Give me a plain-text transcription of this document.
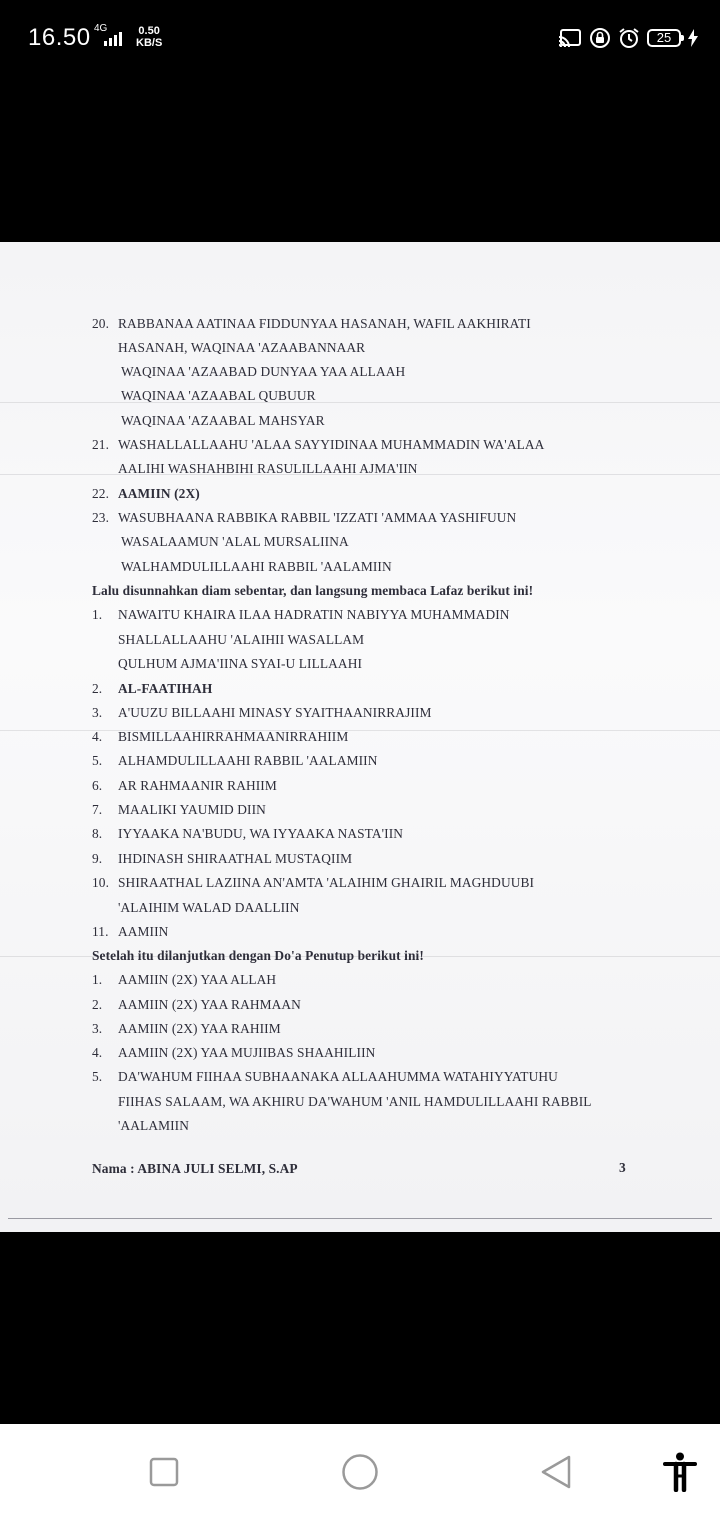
16.50 4G	0.50
KB/S	25
20. RABBANAA AATINAA FIDDUNYAA HASANAH, WAFIL AAKHIRATI
HASANAH, WAQINAA 'AZAABANNAAR
WAQINAA 'AZAABAD DUNYAA YAA ALLAAH
WAQINAA 'AZAABAL QUBUUR
WAQINAA 'AZAABAL MAHSYAR
21. WASHALLALLAAHU 'ALAA SAYYIDINAA MUHAMMADIN WA'ALAA
AALIHI WASHAHBIHI RASULILLAAHI AJMA'IIN
22. AAMIIN (2X)
23. WASUBHAANA RABBIKA RABBIL 'IZZATI 'AMMAA YASHIFUUN
WASALAAMUN 'ALAL MURSALIINA
WALHAMDULILLAAHI RABBIL 'AALAMIIN
Lalu disunnahkan diam sebentar, dan langsung membaca Lafaz berikut ini!
1. NAWAITU KHAIRA ILAA HADRATIN NABIYYA MUHAMMADIN
SHALLALLAAHU 'ALAIHII WASALLAM
QULHUM AJMA'IINA SYAI-U LILLAAHI
2. AL-FAATIHAH
3. A'UUZU BILLAAHI MINASY SYAITHAANIRRAJIIM
4. BISMILLAAHIRRAHMAANIRRAHIIM
5. ALHAMDULILLAAHI RABBIL 'AALAMIIN
6. AR RAHMAANIR RAHIIM
7. MAALIKI YAUMID DIIN
8. IYYAAKA NA'BUDU, WA IYYAAKA NASTA'IIN
9. IHDINASH SHIRAATHAL MUSTAQIIM
10. SHIRAATHAL LAZIINA AN'AMTA 'ALAIHIM GHAIRIL MAGHDUUBI
'ALAIHIM WALAD DAALLIIN
11. AAMIIN
Setelah itu dilanjutkan dengan Do'a Penutup berikut ini!
1. AAMIIN (2X) YAA ALLAH
2. AAMIIN (2X) YAA RAHMAAN
3. AAMIIN (2X) YAA RAHIIM
4. AAMIIN (2X) YAA MUJIIBAS SHAAHILIIN
5. DA'WAHUM FIIHAA SUBHAANAKA ALLAAHUMMA WATAHIYYATUHU
FIIHAS SALAAM, WA AKHIRU DA'WAHUM 'ANIL HAMDULILLAAHI RABBIL
'AALAMIIN
Nama : ABINA JULI SELMI, S.AP	3
